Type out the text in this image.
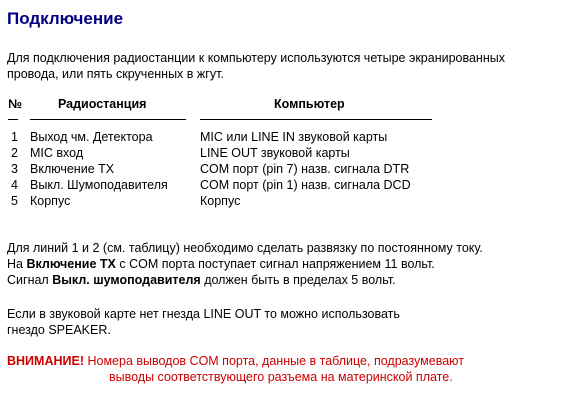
Подключение
Для подключения радиостанции к компьютеру используются четыре экранированных
провода, или пять скрученных в жгут.
№	Радиостанция	Компьютер
1 Выход чм. Детектора	MIC или LINE IN звуковой карты
2 MIC вход	LINE OUT звуковой карты
3 Включение TX	COM порт (pin 7) назв. сигнала DTR
4 Выкл. Шумоподавителя	COM порт (pin 1) назв. сигнала DCD
5 Корпус	Корпус
Для линий 1 и 2 (см. таблицу) необходимо сделать развязку по постоянному току.
На Включение TX с COM порта поступает сигнал напряжением 11 вольт.
Сигнал Выкл. шумоподавителя должен быть в пределах 5 вольт.
Если в звуковой карте нет гнезда LINE OUT то можно использовать
гнездо SPEAKER.
ВНИМАНИЕ! Номера выводов COM порта, данные в таблице, подразумевают
выводы соответствующего разъема на материнской плате.
